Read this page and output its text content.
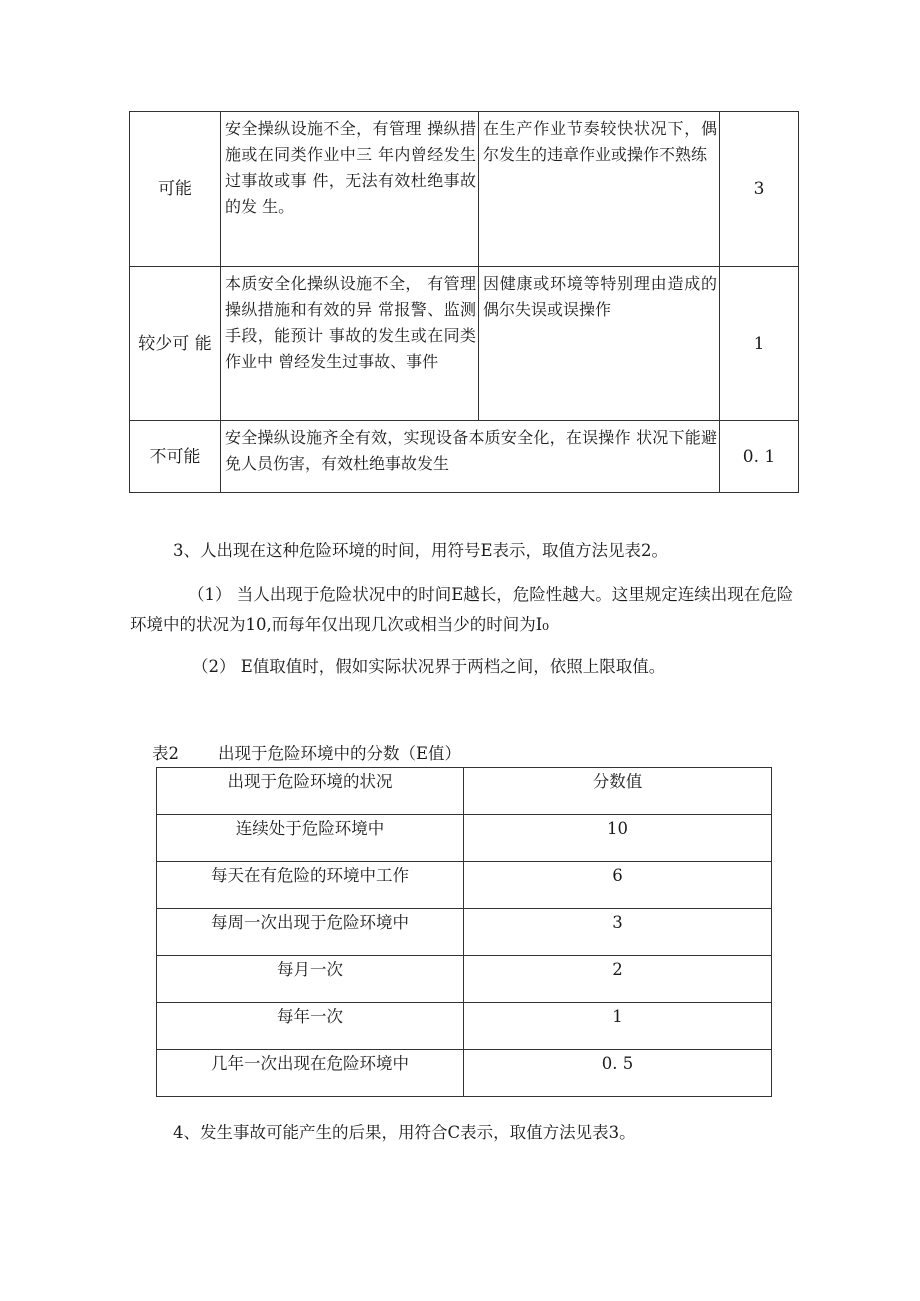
可能	安全操纵设施不全，有管理 操纵措施或在同类作业中三 年内曾经发生过事故或事 件，无法有效杜绝事故的发 生。	在生产作业节奏较快状况下，偶尔发生的违章作业或操作不熟练	3
较少可 能	本质安全化操纵设施不全， 有管理操纵措施和有效的异 常报警、监测手段，能预计 事故的发生或在同类作业中 曾经发生过事故、事件	因健康或环境等特别理由造成的偶尔失误或误操作	1
不可能	安全操纵设施齐全有效，实现设备本质安全化，在误操作 状况下能避免人员伤害，有效杜绝事故发生		0. 1
3、人出现在这种危险环境的时间，用符号E表示，取值方法见表2。
（1） 当人出现于危险状况中的时间E越长，危险性越大。这里规定连续出现在危险环境中的状况为10,而每年仅出现几次或相当少的时间为I₀
（2） E值取值时，假如实际状况界于两档之间，依照上限取值。
表2 出现于危险环境中的分数（E值）
出现于危险环境的状况	分数值
连续处于危险环境中	10
每天在有危险的环境中工作	6
每周一次出现于危险环境中	3
每月一次	2
每年一次	1
几年一次出现在危险环境中	0. 5
4、发生事故可能产生的后果，用符合C表示，取值方法见表3。
